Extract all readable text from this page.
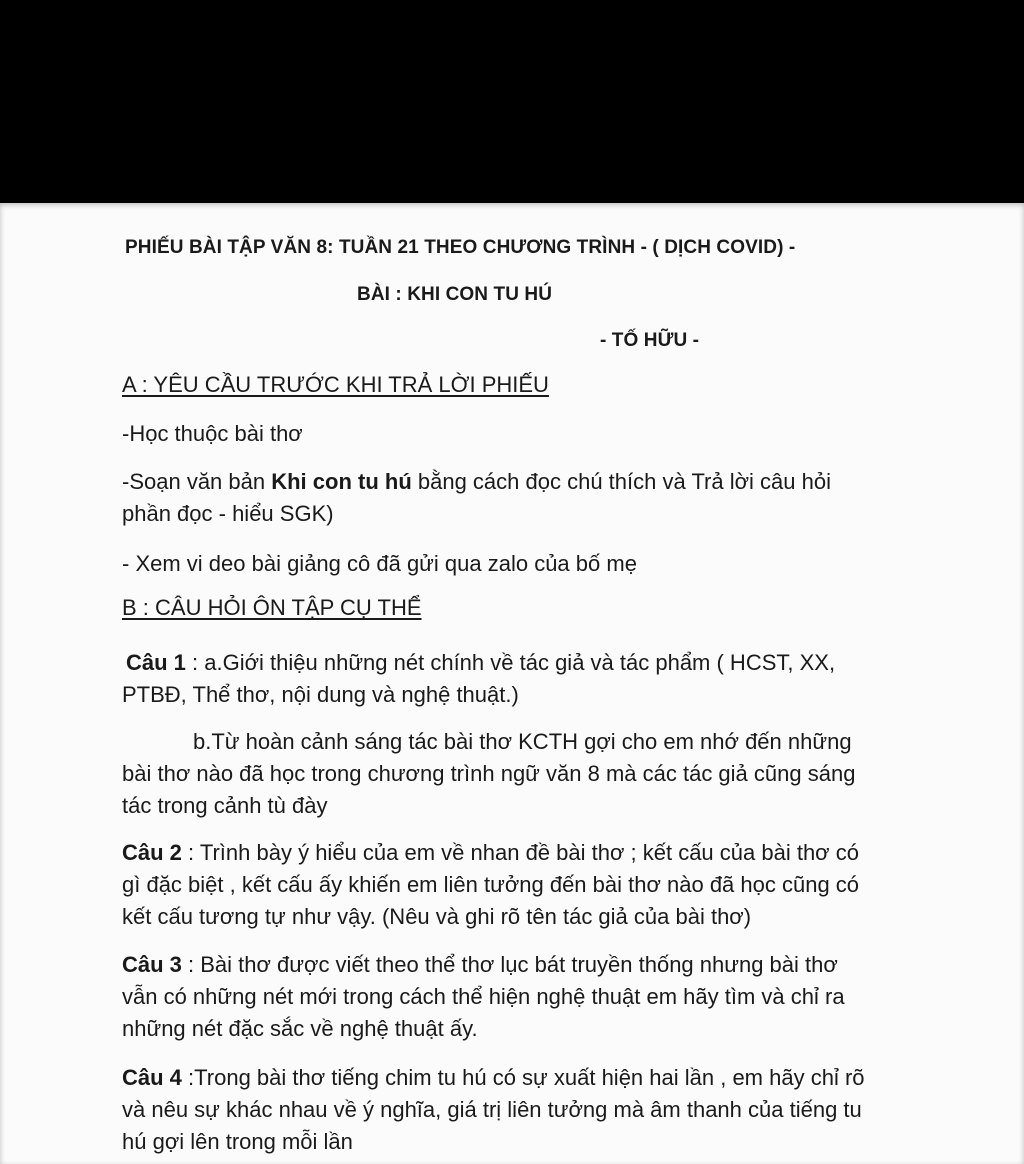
PHIẾU BÀI TẬP VĂN 8: TUẦN 21 THEO CHƯƠNG TRÌNH - ( DỊCH COVID) -
BÀI : KHI CON TU HÚ
- TỐ HỮU -
A : YÊU CẦU TRƯỚC KHI TRẢ LỜI PHIẾU
-Học thuộc bài thơ
-Soạn văn bản Khi con tu hú bằng cách đọc chú thích và Trả lời câu hỏi
phần đọc - hiểu SGK)
- Xem vi deo bài giảng cô đã gửi qua zalo của bố mẹ
B : CÂU HỎI ÔN TẬP CỤ THỂ
Câu 1 : a.Giới thiệu những nét chính về tác giả và tác phẩm ( HCST, XX,
PTBĐ, Thể thơ, nội dung và nghệ thuật.)
b.Từ hoàn cảnh sáng tác bài thơ KCTH gợi cho em nhớ đến những
bài thơ nào đã học trong chương trình ngữ văn 8 mà các tác giả cũng sáng
tác trong cảnh tù đày
Câu 2 : Trình bày ý hiểu của em về nhan đề bài thơ ; kết cấu của bài thơ có
gì đặc biệt , kết cấu ấy khiến em liên tưởng đến bài thơ nào đã học cũng có
kết cấu tương tự như vậy. (Nêu và ghi rõ tên tác giả của bài thơ)
Câu 3 : Bài thơ được viết theo thể thơ lục bát truyền thống nhưng bài thơ
vẫn có những nét mới trong cách thể hiện nghệ thuật em hãy tìm và chỉ ra
những nét đặc sắc về nghệ thuật ấy.
Câu 4 :Trong bài thơ tiếng chim tu hú có sự xuất hiện hai lần , em hãy chỉ rõ
và nêu sự khác nhau về ý nghĩa, giá trị liên tưởng mà âm thanh của tiếng tu
hú gợi lên trong mỗi lần
